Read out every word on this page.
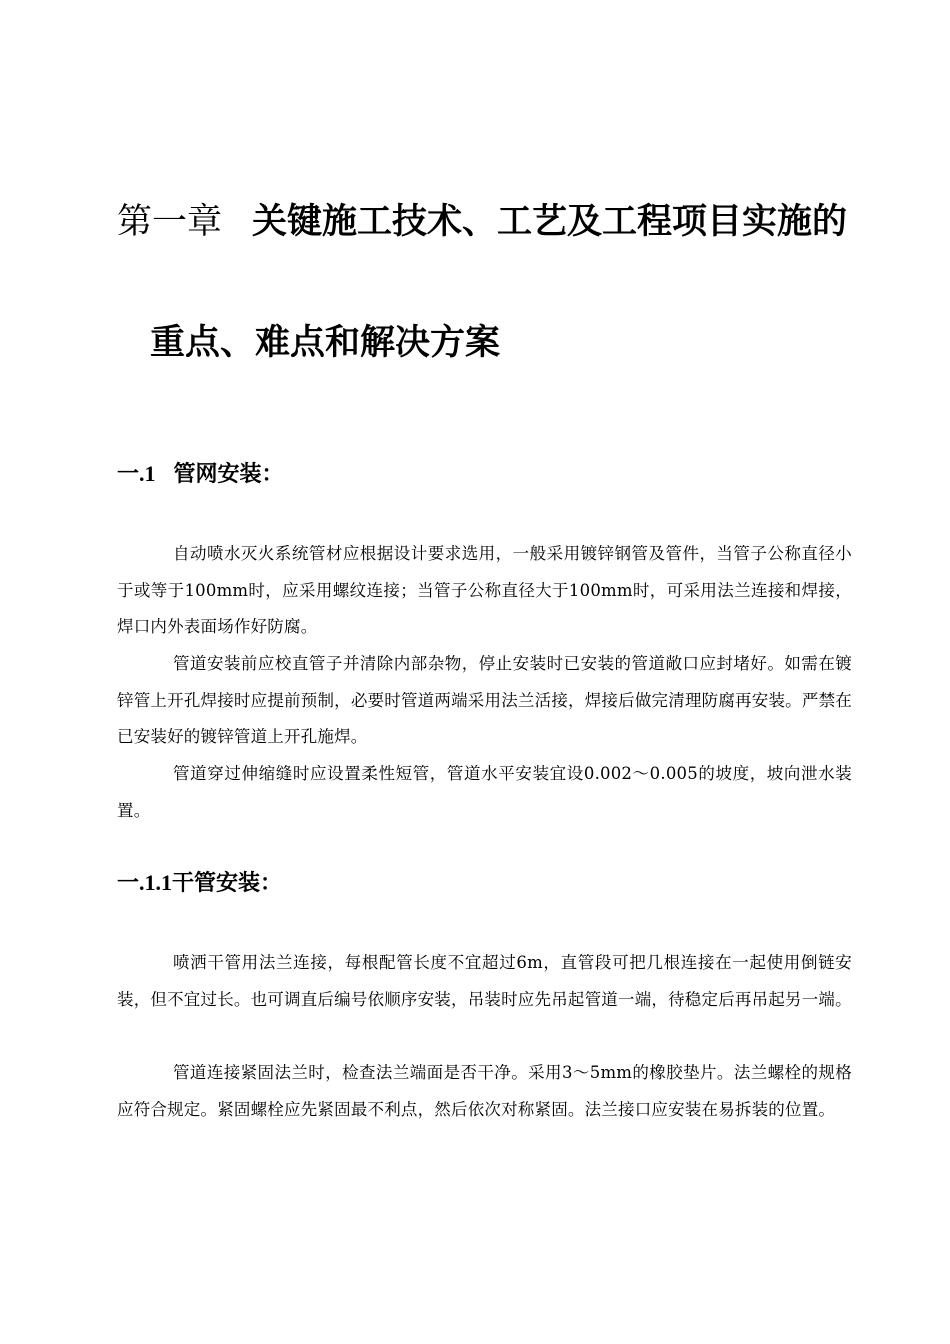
第一章 关键施工技术、工艺及工程项目实施的
重点、难点和解决方案
一.1 管网安装：

自动喷水灭火系统管材应根据设计要求选用，一般采用镀锌钢管及管件，当管子公称直径小于或等于100mm时，应采用螺纹连接；当管子公称直径大于100mm时，可采用法兰连接和焊接，焊口内外表面场作好防腐。

管道安装前应校直管子并清除内部杂物，停止安装时已安装的管道敞口应封堵好。如需在镀锌管上开孔焊接时应提前预制，必要时管道两端采用法兰活接，焊接后做完清理防腐再安装。严禁在已安装好的镀锌管道上开孔施焊。

管道穿过伸缩缝时应设置柔性短管，管道水平安装宜设0.002～0.005的坡度，坡向泄水装置。

一.1.1干管安装：

喷洒干管用法兰连接，每根配管长度不宜超过6m，直管段可把几根连接在一起使用倒链安装，但不宜过长。也可调直后编号依顺序安装，吊装时应先吊起管道一端，待稳定后再吊起另一端。

管道连接紧固法兰时，检查法兰端面是否干净。采用3～5mm的橡胶垫片。法兰螺栓的规格应符合规定。紧固螺栓应先紧固最不利点，然后依次对称紧固。法兰接口应安装在易拆装的位置。
